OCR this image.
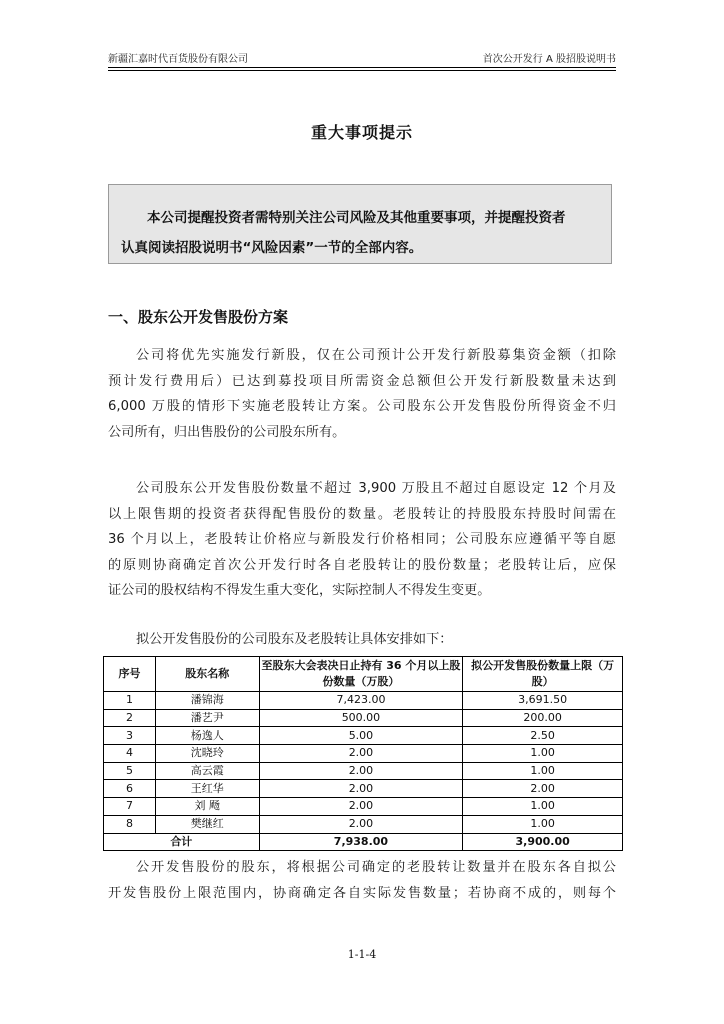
新疆汇嘉时代百货股份有限公司	首次公开发行 A 股招股说明书
重大事项提示
本公司提醒投资者需特别关注公司风险及其他重要事项，并提醒投资者
认真阅读招股说明书“风险因素”一节的全部内容。
一、股东公开发售股份方案
公司将优先实施发行新股，仅在公司预计公开发行新股募集资金额（扣除
预计发行费用后）已达到募投项目所需资金总额但公开发行新股数量未达到
6,000 万股的情形下实施老股转让方案。公司股东公开发售股份所得资金不归
公司所有，归出售股份的公司股东所有。
公司股东公开发售股份数量不超过 3,900 万股且不超过自愿设定 12 个月及
以上限售期的投资者获得配售股份的数量。老股转让的持股股东持股时间需在
36 个月以上，老股转让价格应与新股发行价格相同；公司股东应遵循平等自愿
的原则协商确定首次公开发行时各自老股转让的股份数量；老股转让后，应保
证公司的股权结构不得发生重大变化，实际控制人不得发生变更。
拟公开发售股份的公司股东及老股转让具体安排如下：
序号	股东名称	至股东大会表决日止持有 36 个月以上股份数量（万股）	拟公开发售股份数量上限（万股）
1	潘锦海	7,423.00	3,691.50
2	潘艺尹	500.00	200.00
3	杨逸人	5.00	2.50
4	沈晓玲	2.00	1.00
5	高云霞	2.00	1.00
6	王红华	2.00	2.00
7	刘 飏	2.00	1.00
8	樊继红	2.00	1.00
合计		7,938.00	3,900.00
公开发售股份的股东，将根据公司确定的老股转让数量并在股东各自拟公
开发售股份上限范围内，协商确定各自实际发售数量；若协商不成的，则每个
1-1-4
